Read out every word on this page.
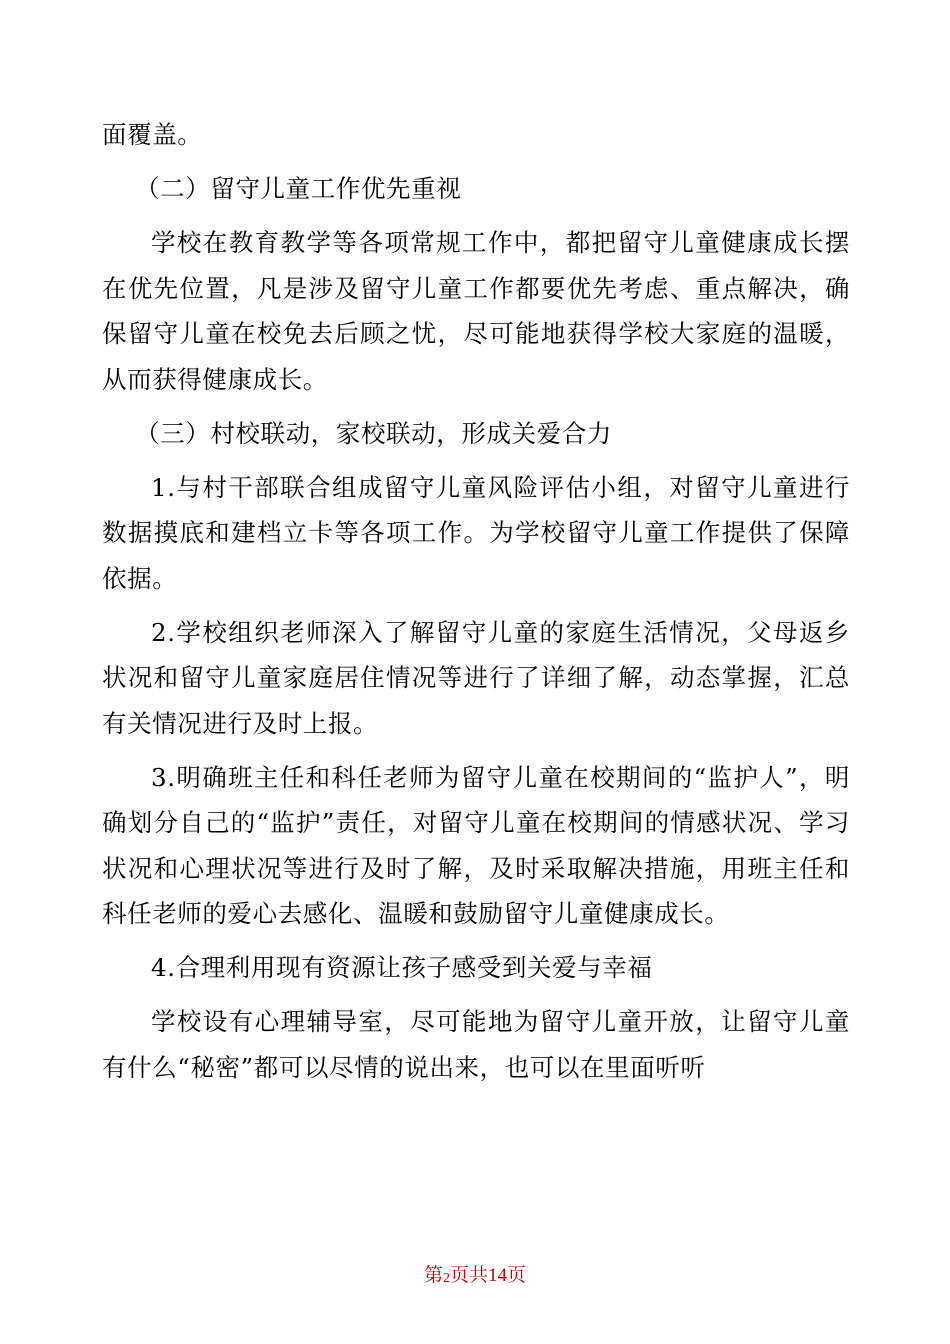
面覆盖。

（二）留守儿童工作优先重视

学校在教育教学等各项常规工作中，都把留守儿童健康成长摆在优先位置，凡是涉及留守儿童工作都要优先考虑、重点解决，确保留守儿童在校免去后顾之忧，尽可能地获得学校大家庭的温暖，从而获得健康成长。

（三）村校联动，家校联动，形成关爱合力

1.与村干部联合组成留守儿童风险评估小组，对留守儿童进行数据摸底和建档立卡等各项工作。为学校留守儿童工作提供了保障依据。

2.学校组织老师深入了解留守儿童的家庭生活情况，父母返乡状况和留守儿童家庭居住情况等进行了详细了解，动态掌握，汇总有关情况进行及时上报。

3.明确班主任和科任老师为留守儿童在校期间的“监护人”，明确划分自己的“监护”责任，对留守儿童在校期间的情感状况、学习状况和心理状况等进行及时了解，及时采取解决措施，用班主任和科任老师的爱心去感化、温暖和鼓励留守儿童健康成长。

4.合理利用现有资源让孩子感受到关爱与幸福

学校设有心理辅导室，尽可能地为留守儿童开放，让留守儿童有什么“秘密”都可以尽情的说出来，也可以在里面听听

第2页共14页
